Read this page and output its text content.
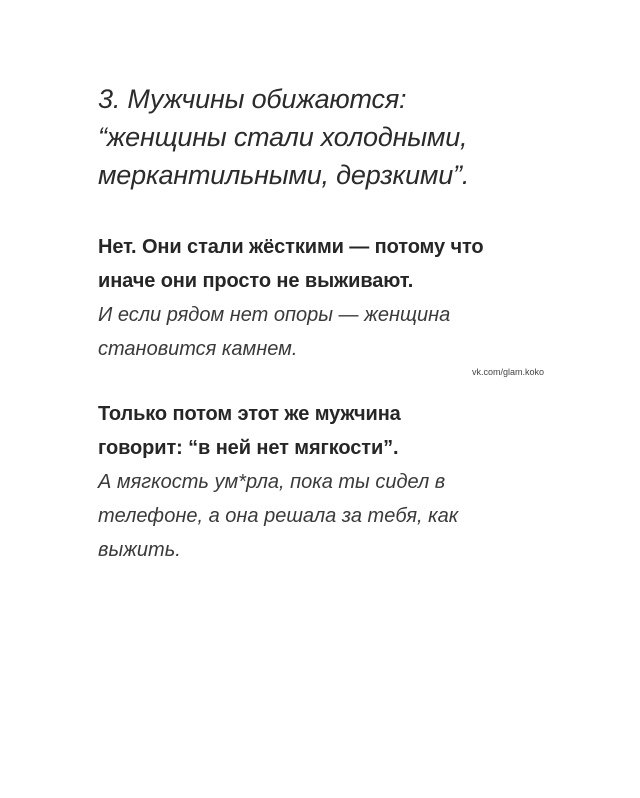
3. Мужчины обижаются:
“женщины стали холодными,
меркантильными, дерзкими”.
Нет. Они стали жёсткими — потому что
иначе они просто не выживают.
И если рядом нет опоры — женщина
становится камнем.
vk.com/glam.koko
Только потом этот же мужчина
говорит: “в ней нет мягкости”.
А мягкость ум*рла, пока ты сидел в
телефоне, а она решала за тебя, как
выжить.
